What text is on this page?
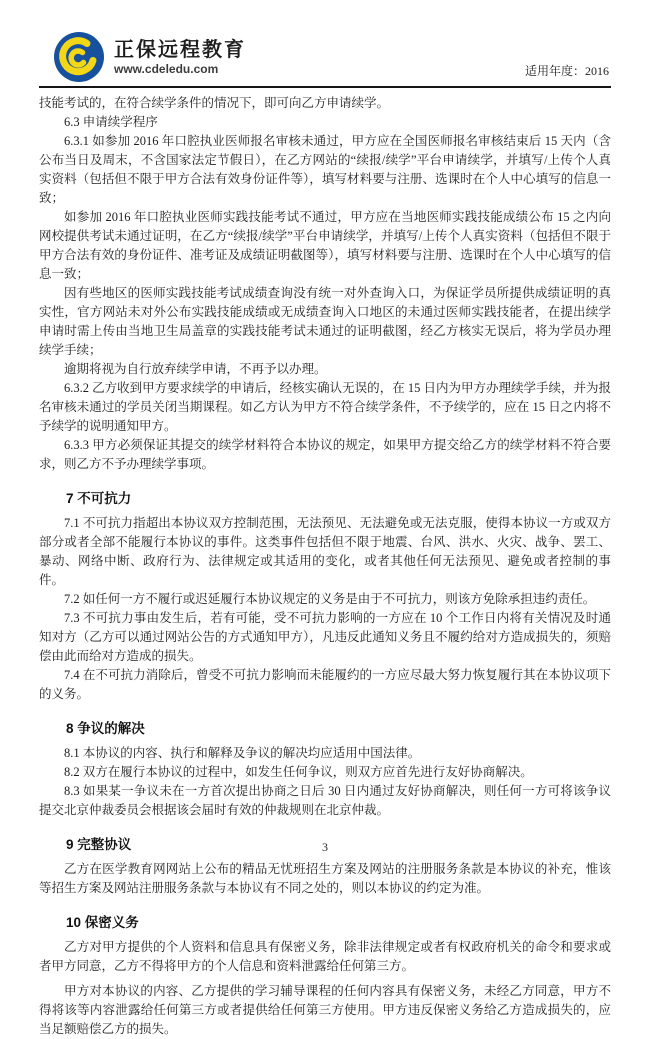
正保远程教育
www.cdeledu.com	适用年度：2016

技能考试的，在符合续学条件的情况下，即可向乙方申请续学。

6.3 申请续学程序

6.3.1 如参加 2016 年口腔执业医师报名审核未通过，甲方应在全国医师报名审核结束后 15 天内（含公布当日及周末，不含国家法定节假日），在乙方网站的“续报/续学”平台申请续学，并填写/上传个人真实资料（包括但不限于甲方合法有效身份证件等），填写材料要与注册、选课时在个人中心填写的信息一致；

如参加 2016 年口腔执业医师实践技能考试不通过，甲方应在当地医师实践技能成绩公布 15 之内向网校提供考试未通过证明，在乙方“续报/续学”平台申请续学，并填写/上传个人真实资料（包括但不限于甲方合法有效的身份证件、准考证及成绩证明截图等），填写材料要与注册、选课时在个人中心填写的信息一致；

因有些地区的医师实践技能考试成绩查询没有统一对外查询入口，为保证学员所提供成绩证明的真实性，官方网站未对外公布实践技能成绩或无成绩查询入口地区的未通过医师实践技能者，在提出续学申请时需上传由当地卫生局盖章的实践技能考试未通过的证明截图，经乙方核实无误后，将为学员办理续学手续；

逾期将视为自行放弃续学申请，不再予以办理。

6.3.2 乙方收到甲方要求续学的申请后，经核实确认无误的，在 15 日内为甲方办理续学手续，并为报名审核未通过的学员关闭当期课程。如乙方认为甲方不符合续学条件，不予续学的，应在 15 日之内将不予续学的说明通知甲方。

6.3.3 甲方必须保证其提交的续学材料符合本协议的规定，如果甲方提交给乙方的续学材料不符合要求，则乙方不予办理续学事项。

7 不可抗力

7.1 不可抗力指超出本协议双方控制范围，无法预见、无法避免或无法克服，使得本协议一方或双方部分或者全部不能履行本协议的事件。这类事件包括但不限于地震、台风、洪水、火灾、战争、罢工、暴动、网络中断、政府行为、法律规定或其适用的变化，或者其他任何无法预见、避免或者控制的事件。

7.2 如任何一方不履行或迟延履行本协议规定的义务是由于不可抗力，则该方免除承担违约责任。

7.3 不可抗力事由发生后，若有可能，受不可抗力影响的一方应在 10 个工作日内将有关情况及时通知对方（乙方可以通过网站公告的方式通知甲方），凡违反此通知义务且不履约给对方造成损失的，须赔偿由此而给对方造成的损失。

7.4 在不可抗力消除后，曾受不可抗力影响而未能履约的一方应尽最大努力恢复履行其在本协议项下的义务。

8 争议的解决

8.1 本协议的内容、执行和解释及争议的解决均应适用中国法律。

8.2 双方在履行本协议的过程中，如发生任何争议，则双方应首先进行友好协商解决。

8.3 如果某一争议未在一方首次提出协商之日后 30 日内通过友好协商解决，则任何一方可将该争议提交北京仲裁委员会根据该会届时有效的仲裁规则在北京仲裁。

9 完整协议

乙方在医学教育网网站上公布的精品无忧班招生方案及网站的注册服务条款是本协议的补充，惟该等招生方案及网站注册服务条款与本协议有不同之处的，则以本协议的约定为准。

10 保密义务

乙方对甲方提供的个人资料和信息具有保密义务，除非法律规定或者有权政府机关的命令和要求或者甲方同意，乙方不得将甲方的个人信息和资料泄露给任何第三方。

甲方对本协议的内容、乙方提供的学习辅导课程的任何内容具有保密义务，未经乙方同意，甲方不得将该等内容泄露给任何第三方或者提供给任何第三方使用。甲方违反保密义务给乙方造成损失的，应当足额赔偿乙方的损失。

3
